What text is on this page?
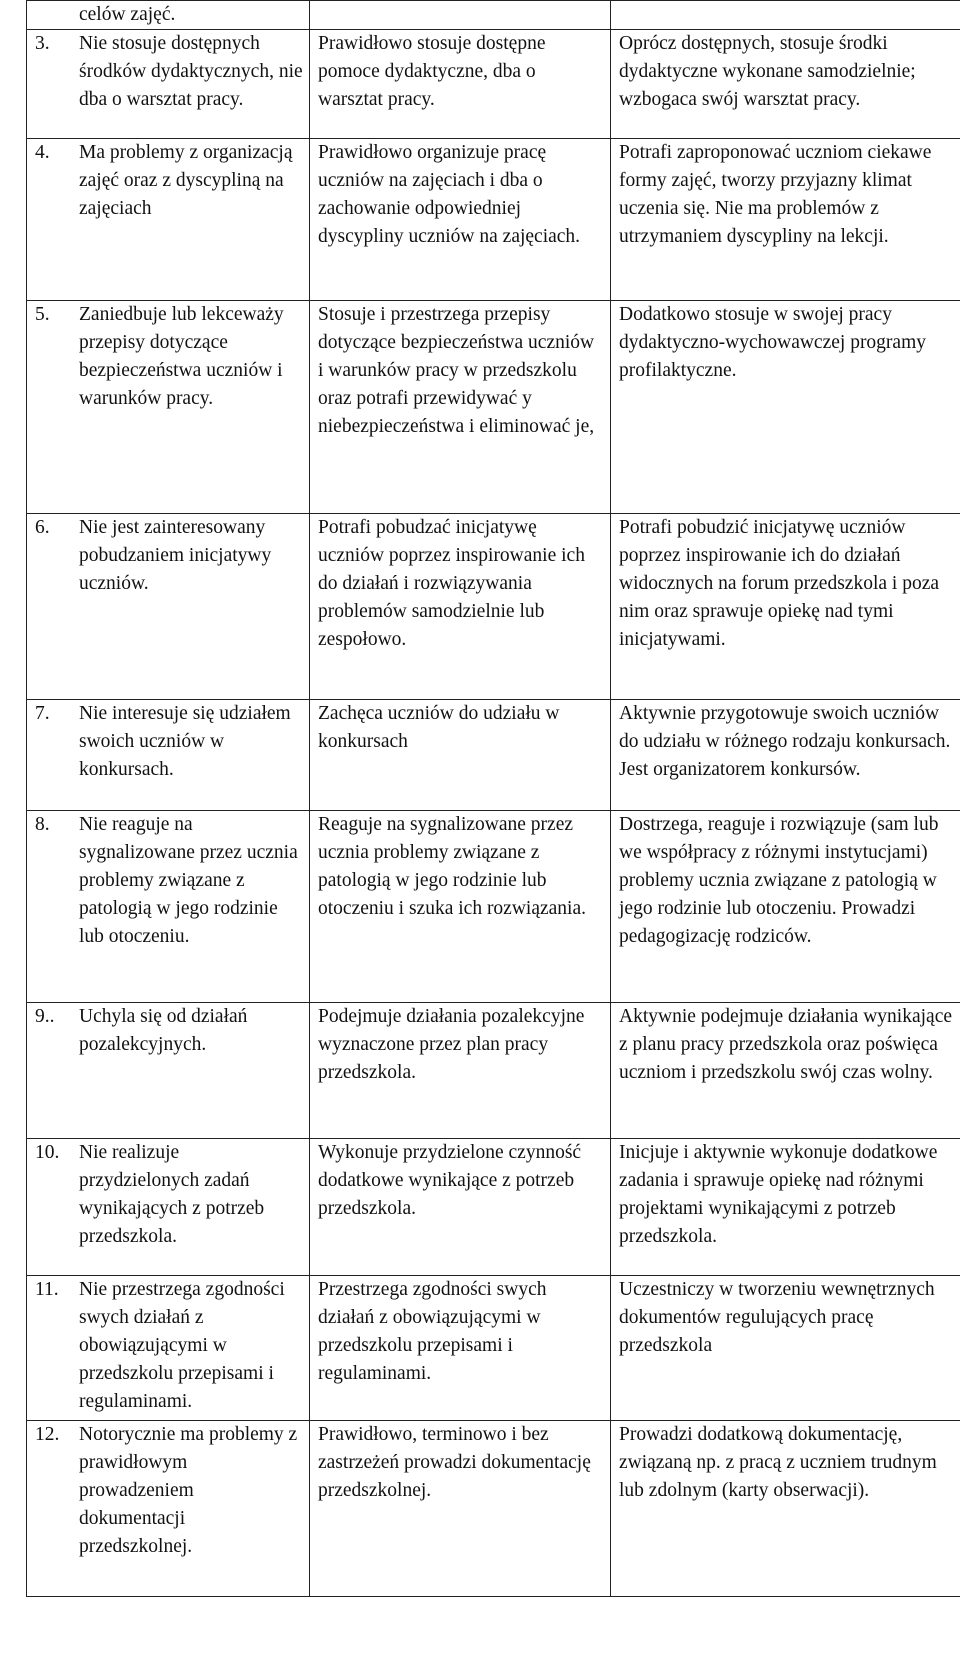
celów zajęć.		

3. Nie stosuje dostępnych środków dydaktycznych, nie dba o warsztat pracy.	Prawidłowo stosuje dostępne pomoce dydaktyczne, dba o warsztat pracy.	Oprócz dostępnych, stosuje środki dydaktyczne wykonane samodzielnie; wzbogaca swój warsztat pracy.

4. Ma problemy z organizacją zajęć oraz z dyscypliną na zajęciach	Prawidłowo organizuje pracę uczniów na zajęciach i dba o zachowanie odpowiedniej dyscypliny uczniów na zajęciach.	Potrafi zaproponować uczniom ciekawe formy zajęć, tworzy przyjazny klimat uczenia się. Nie ma problemów z utrzymaniem dyscypliny na lekcji.

5. Zaniedbuje lub lekceważy przepisy dotyczące bezpieczeństwa uczniów i warunków pracy.	Stosuje i przestrzega przepisy dotyczące bezpieczeństwa uczniów i warunków pracy w przedszkolu oraz potrafi przewidywać y niebezpieczeństwa i eliminować je,	Dodatkowo stosuje w swojej pracy dydaktyczno-wychowawczej programy profilaktyczne.

6. Nie jest zainteresowany pobudzaniem inicjatywy uczniów.	Potrafi pobudzać inicjatywę uczniów poprzez inspirowanie ich do działań i rozwiązywania problemów samodzielnie lub zespołowo.	Potrafi pobudzić inicjatywę uczniów poprzez inspirowanie ich do działań widocznych na forum przedszkola i poza nim oraz sprawuje opiekę nad tymi inicjatywami.

7. Nie interesuje się udziałem swoich uczniów w konkursach.	Zachęca uczniów do udziału w konkursach	Aktywnie przygotowuje swoich uczniów do udziału w różnego rodzaju konkursach. Jest organizatorem konkursów.

8. Nie reaguje na sygnalizowane przez ucznia problemy związane z patologią w jego rodzinie lub otoczeniu.	Reaguje na sygnalizowane przez ucznia problemy związane z patologią w jego rodzinie lub otoczeniu i szuka ich rozwiązania.	Dostrzega, reaguje i rozwiązuje (sam lub we współpracy z różnymi instytucjami) problemy ucznia związane z patologią w jego rodzinie lub otoczeniu. Prowadzi pedagogizację rodziców.

9.. Uchyla się od działań pozalekcyjnych.	Podejmuje działania pozalekcyjne wyznaczone przez plan pracy przedszkola.	Aktywnie podejmuje działania wynikające z planu pracy przedszkola oraz poświęca uczniom i przedszkolu swój czas wolny.

10. Nie realizuje przydzielonych zadań wynikających z potrzeb przedszkola.	Wykonuje przydzielone czynność dodatkowe wynikające z potrzeb przedszkola.	Inicjuje i aktywnie wykonuje dodatkowe zadania i sprawuje opiekę nad różnymi projektami wynikającymi z potrzeb przedszkola.

11. Nie przestrzega zgodności swych działań z obowiązującymi w przedszkolu przepisami i regulaminami.	Przestrzega zgodności swych działań z obowiązującymi w przedszkolu przepisami i regulaminami.	Uczestniczy w tworzeniu wewnętrznych dokumentów regulujących pracę przedszkola

12. Notorycznie ma problemy z prawidłowym prowadzeniem dokumentacji przedszkolnej.	Prawidłowo, terminowo i bez zastrzeżeń prowadzi dokumentację przedszkolnej.	Prowadzi dodatkową dokumentację, związaną np. z pracą z uczniem trudnym lub zdolnym (karty obserwacji).
